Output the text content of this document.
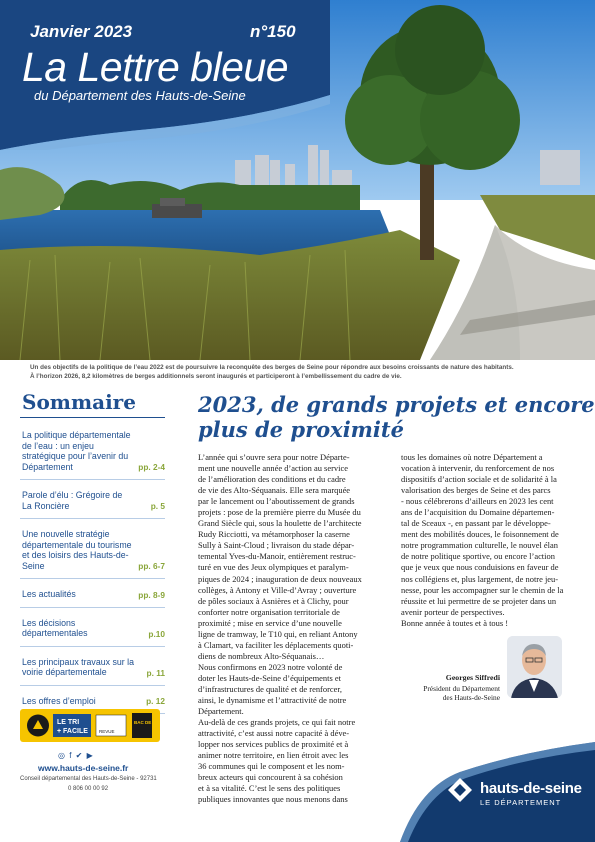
Janvier 2023	n°150
La Lettre bleue
du Département des Hauts-de-Seine
Un des objectifs de la politique de l’eau 2022 est de poursuivre la reconquête des berges de Seine pour répondre aux besoins croissants de nature des habitants.
À l’horizon 2026, 8,2 kilomètres de berges additionnels seront inaugurés et participeront à l’embellissement du cadre de vie.
Sommaire
La politique départementale de l’eau : un enjeu stratégique pour l’avenir du Département	pp. 2-4
Parole d’élu : Grégoire de La Roncière	p. 5
Une nouvelle stratégie départementale du tourisme et des loisirs des Hauts-de-Seine	pp. 6-7
Les actualités	pp. 8-9
Les décisions départementales	p.10
Les principaux travaux sur la voirie départementale	p. 11
Les offres d’emploi	p. 12
LE TRI
+ FACILE REVUE
BAC DE TRI
◎ f ✔ ▶
www.hauts-de-seine.fr
Conseil départemental des Hauts-de-Seine - 92731
0 806 00 00 92
2023, de grands projets et encore
plus de proximité
L’année qui s’ouvre sera pour notre Départe-
ment une nouvelle année d’action au service
de l’amélioration des conditions et du cadre
de vie des Alto-Séquanais. Elle sera marquée
par le lancement ou l’aboutissement de grands
projets : pose de la première pierre du Musée du
Grand Siècle qui, sous la houlette de l’architecte
Rudy Ricciotti, va métamorphoser la caserne
Sully à Saint-Cloud ; livraison du stade dépar-
temental Yves-du-Manoir, entièrement restruc-
turé en vue des Jeux olympiques et paralym-
piques de 2024 ; inauguration de deux nouveaux
collèges, à Antony et Ville-d’Avray ; ouverture
de pôles sociaux à Asnières et à Clichy, pour
conforter notre organisation territoriale de
proximité ; mise en service d’une nouvelle
ligne de tramway, le T10 qui, en reliant Antony
à Clamart, va faciliter les déplacements quoti-
diens de nombreux Alto-Séquanais…
Nous confirmons en 2023 notre volonté de
doter les Hauts-de-Seine d’équipements et
d’infrastructures de qualité et de renforcer,
ainsi, le dynamisme et l’attractivité de notre
Département.
Au-delà de ces grands projets, ce qui fait notre
attractivité, c’est aussi notre capacité à déve-
lopper nos services publics de proximité et à
animer notre territoire, en lien étroit avec les
36 communes qui le composent et les nom-
breux acteurs qui concourent à sa cohésion
et à sa vitalité. C’est le sens des politiques
publiques innovantes que nous menons dans
tous les domaines où notre Département a
vocation à intervenir, du renforcement de nos
dispositifs d’action sociale et de solidarité à la
valorisation des berges de Seine et des parcs
- nous célébrerons d’ailleurs en 2023 les cent
ans de l’acquisition du Domaine départemen-
tal de Sceaux -, en passant par le développe-
ment des mobilités douces, le foisonnement de
notre programmation culturelle, le nouvel élan
de notre politique sportive, ou encore l’action
que je veux que nous conduisions en faveur de
nos collégiens et, plus largement, de notre jeu-
nesse, pour les accompagner sur le chemin de la
réussite et lui permettre de se projeter dans un
avenir porteur de perspectives.
Bonne année à toutes et à tous !
Georges Siffredi
Président du Département
des Hauts-de-Seine
hauts-de-seine
LE DÉPARTEMENT
